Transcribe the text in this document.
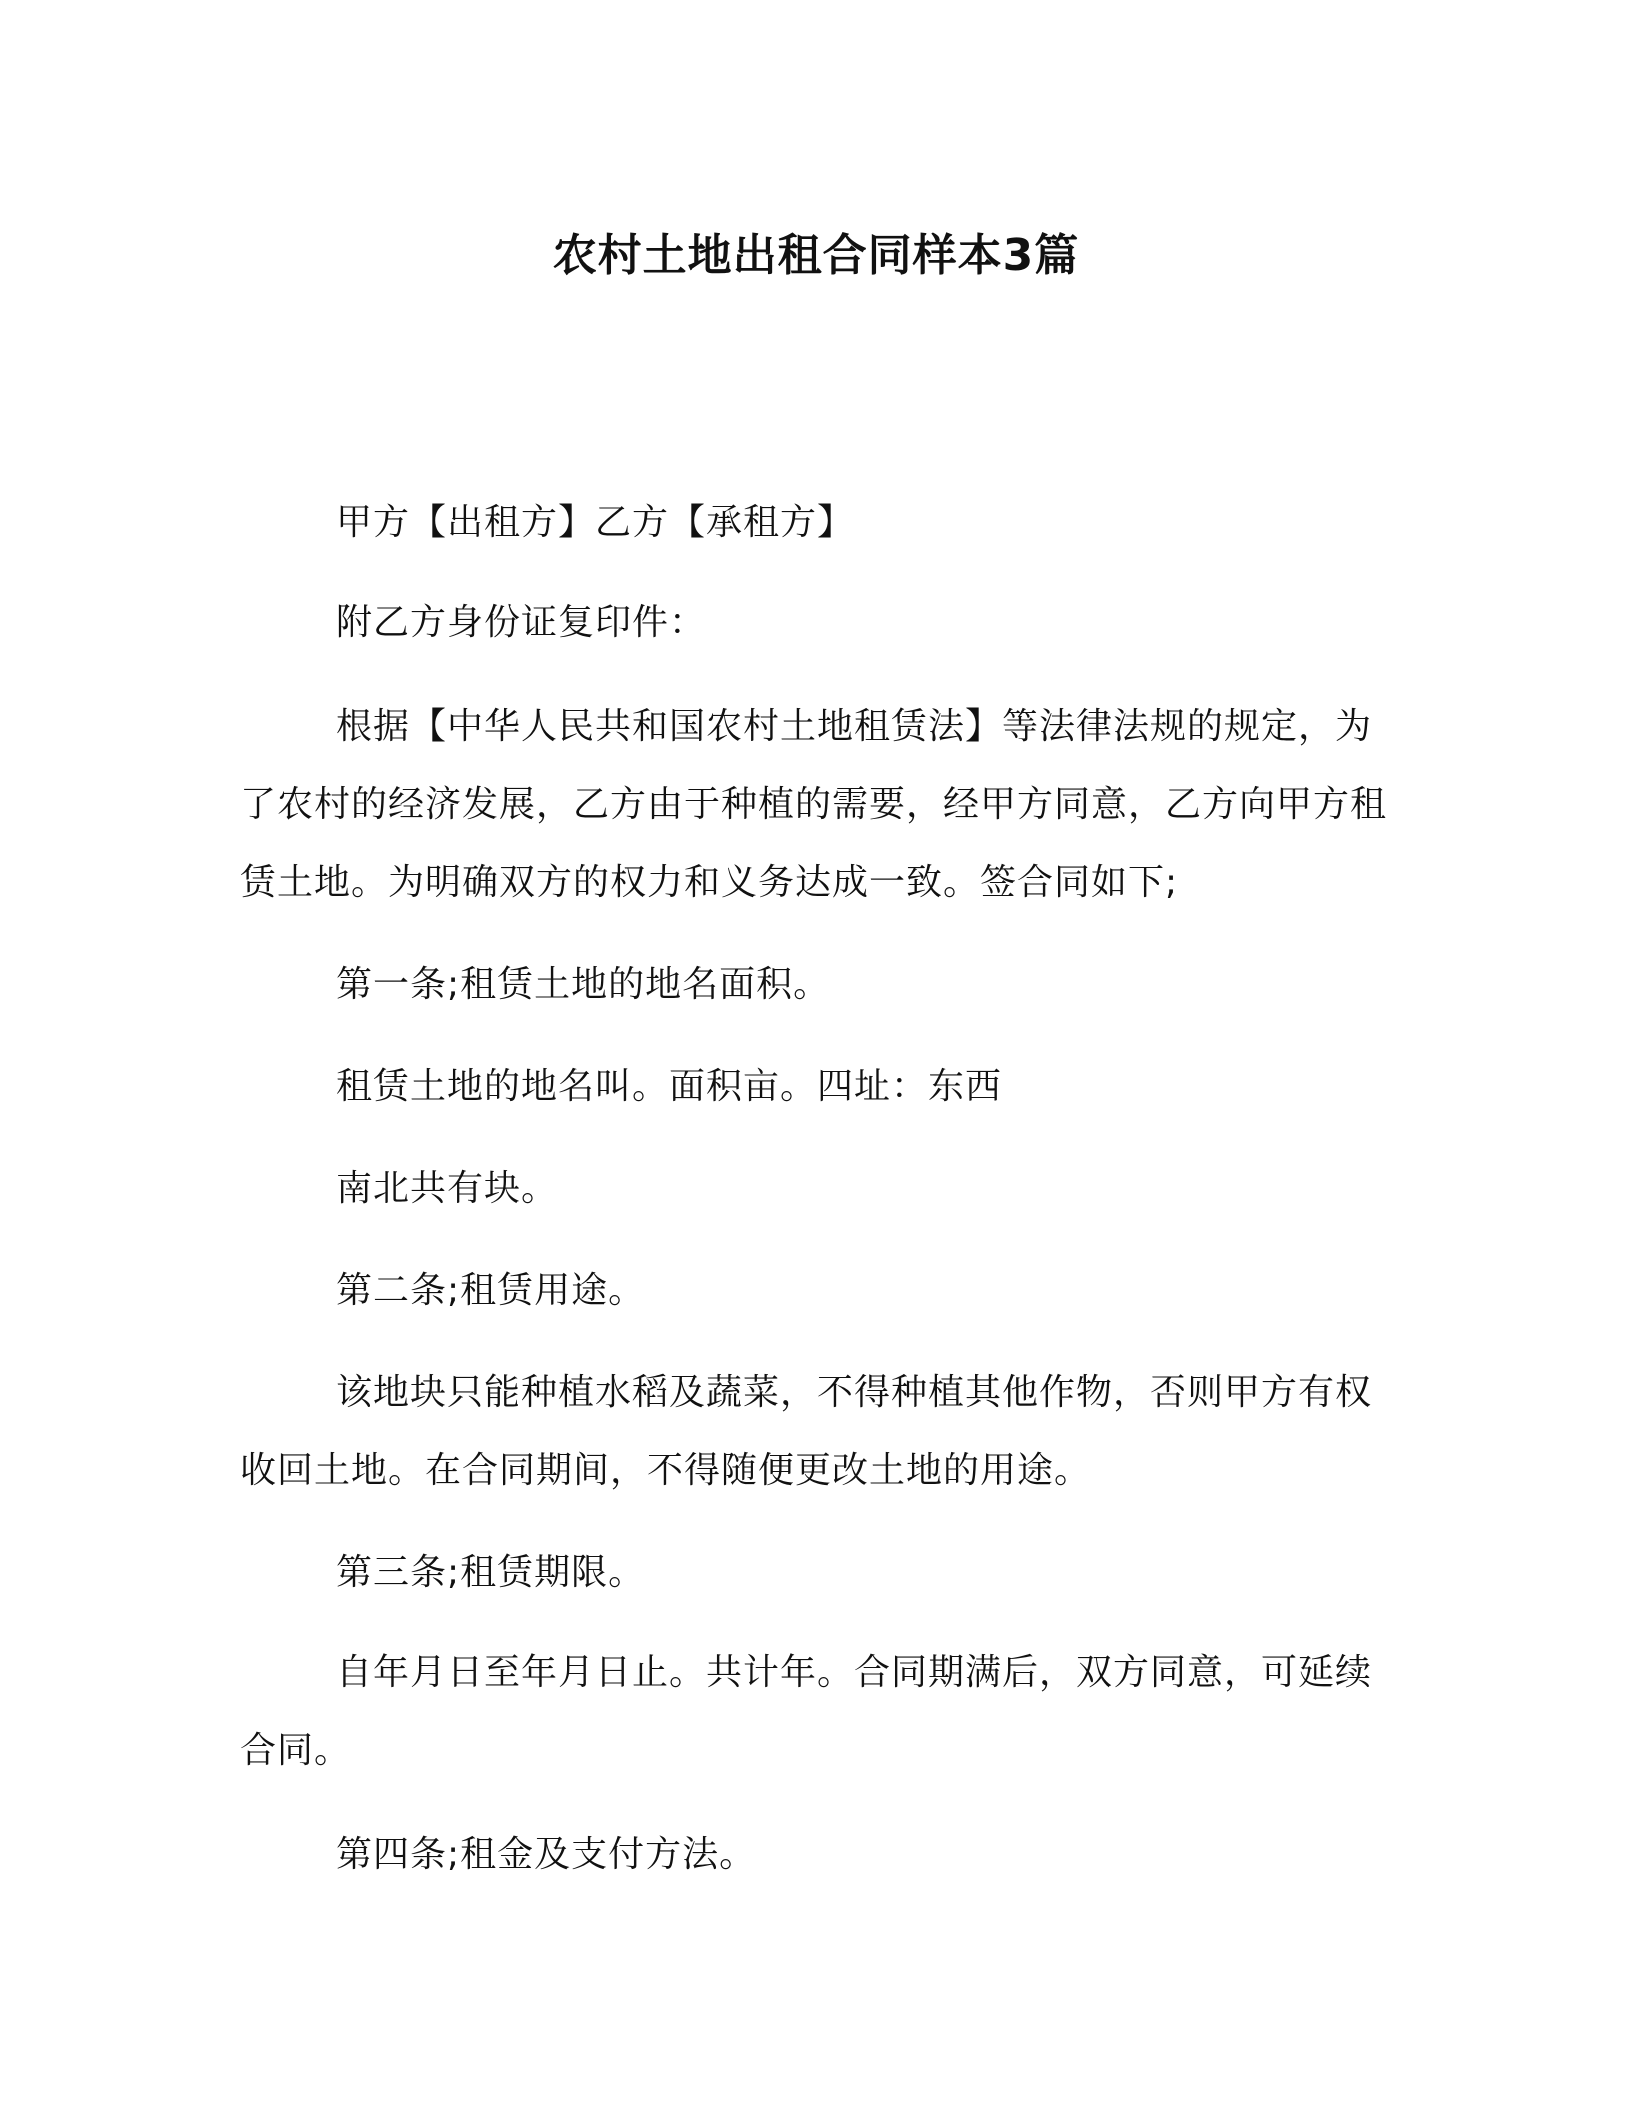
农村土地出租合同样本3篇

甲方【出租方】乙方【承租方】

附乙方身份证复印件：

根据【中华人民共和国农村土地租赁法】等法律法规的规定，为了农村的经济发展，乙方由于种植的需要，经甲方同意，乙方向甲方租赁土地。为明确双方的权力和义务达成一致。签合同如下;

第一条;租赁土地的地名面积。

租赁土地的地名叫。面积亩。四址：东西

南北共有块。

第二条;租赁用途。

该地块只能种植水稻及蔬菜，不得种植其他作物，否则甲方有权收回土地。在合同期间，不得随便更改土地的用途。

第三条;租赁期限。

自年月日至年月日止。共计年。合同期满后，双方同意，可延续合同。

第四条;租金及支付方法。
